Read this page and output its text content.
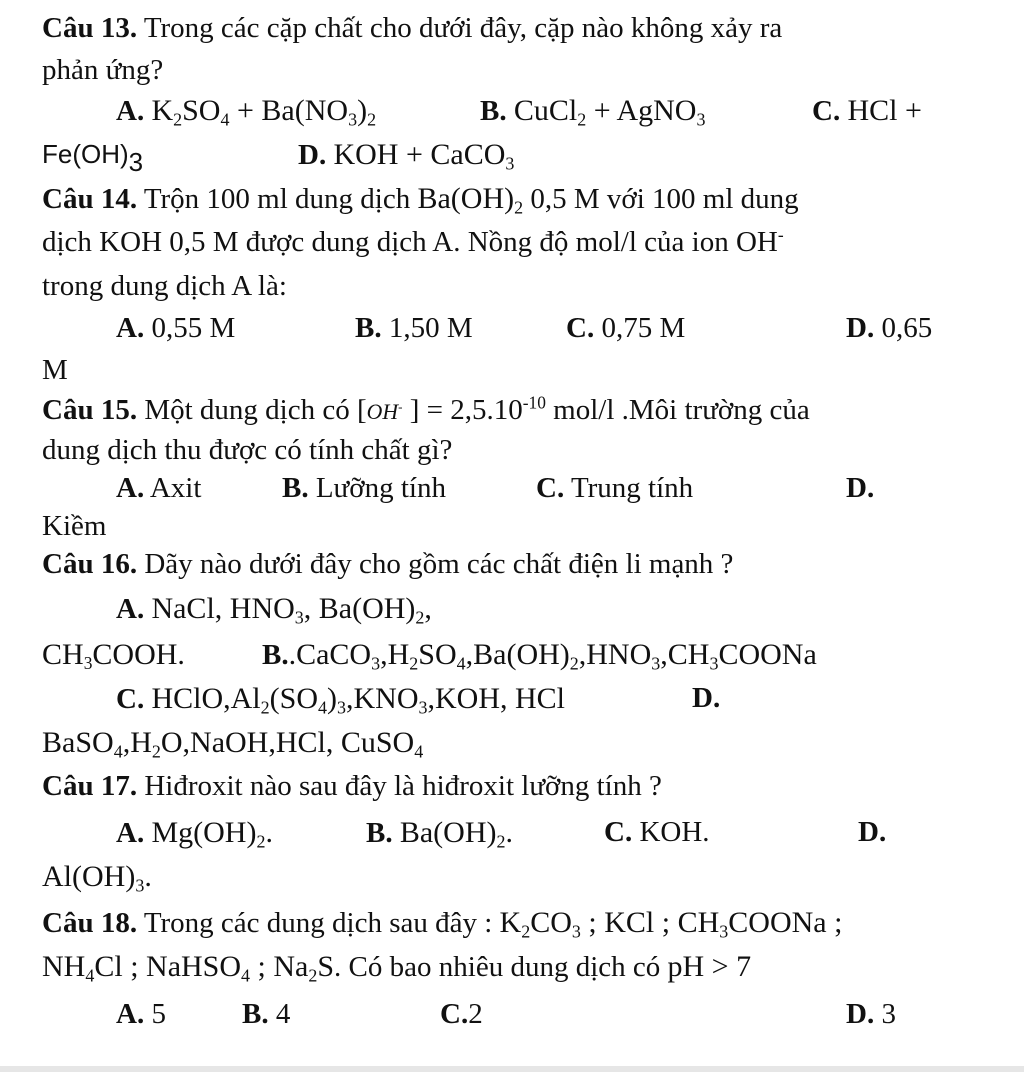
Câu 13. Trong các cặp chất cho dưới đây, cặp nào không xảy ra
phản ứng?
A. $K_2SO_4 + Ba(NO_3)_2$	B. CuCl$_2$ + AgNO$_3$	C. HCl +
$Fe(OH)_3$	D. KOH + CaCO$_3$
Câu 14. Trộn 100 ml dung dịch $Ba(OH)_2$ 0,5 M với 100 ml dung
dịch KOH 0,5 M được dung dịch A. Nồng độ mol/l của ion OH-
trong dung dịch A là:
A. 0,55 M	B. 1,50 M	C. 0,75 M	D. 0,65
M
Câu 15. Một dung dịch có [OH- ] = $2,5.10^{-10}$ mol/l .Môi trường của
dung dịch thu được có tính chất gì?
A. Axit	B. Lưỡng tính	C. Trung tính	D.
Kiềm
Câu 16. Dãy nào dưới đây cho gồm các chất điện li mạnh ?
A. NaCl, $HNO_3$, $Ba(OH)_2$,
$CH_3COOH$.	$B..CaCO_3,H_2SO_4,Ba(OH)_2,HNO_3,CH_3COONa$
C. $HClO,Al_2(SO_4)_3,KNO_3,KOH$, HCl	D.
$BaSO_4,H_2O,NaOH,HCl$, CuSO$_4$
Câu 17. Hiđroxit nào sau đây là hiđroxit lưỡng tính ?
A. $Mg(OH)_2$.	B. $Ba(OH)_2$.	C. KOH.	D.
$Al(OH)_3$.
Câu 18. Trong các dung dịch sau đây : $K_2CO_3$ ; KCl ; $CH_3COONa$ ;
$NH_4Cl$ ; NaHSO$_4$ ; $Na_2S$. Có bao nhiêu dung dịch có pH > 7
A. 5	B. 4	C.2	D. 3
